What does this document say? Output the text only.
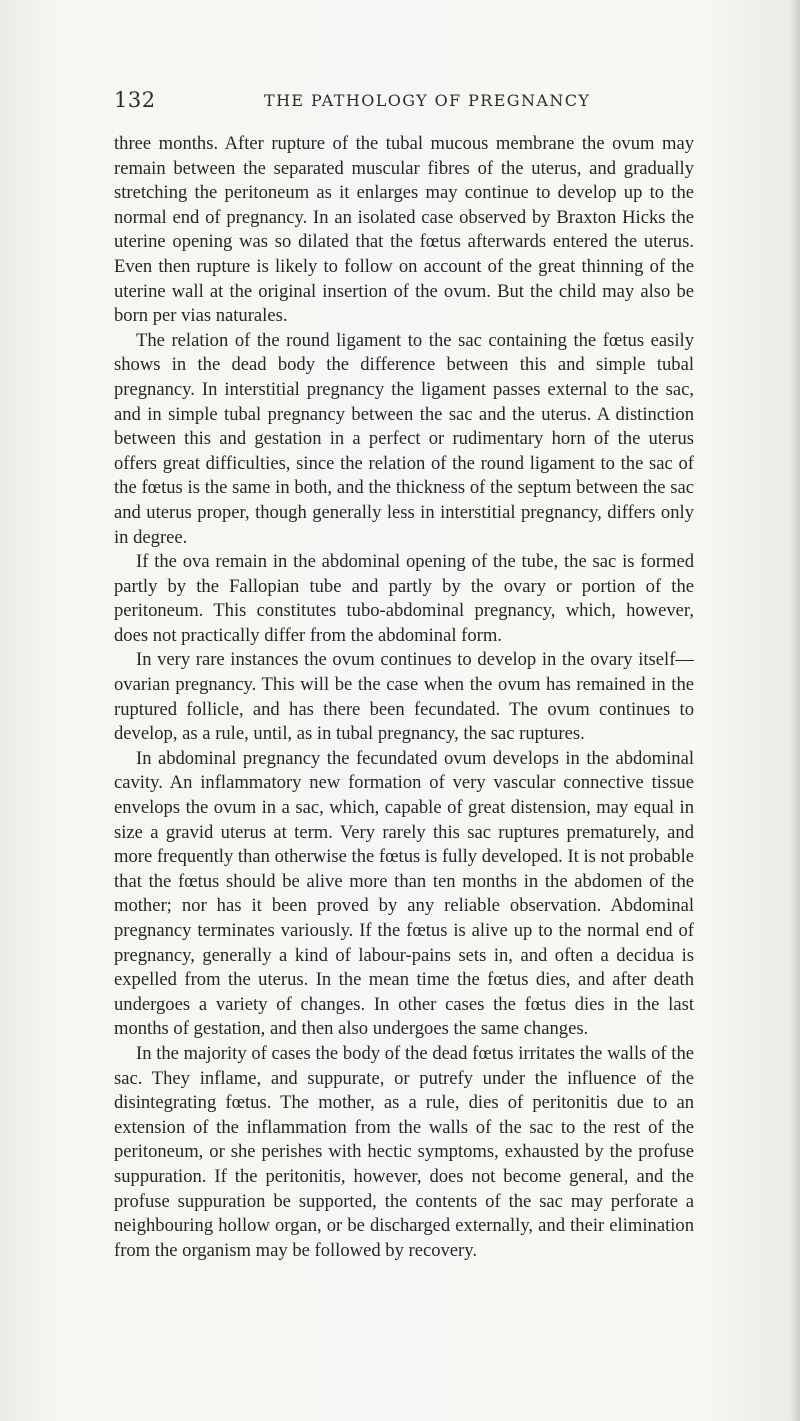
132	THE PATHOLOGY OF PREGNANCY

three months. After rupture of the tubal mucous membrane the ovum may remain between the separated muscular fibres of the uterus, and gradually stretching the peritoneum as it enlarges may continue to develop up to the normal end of pregnancy. In an isolated case observed by Braxton Hicks the uterine opening was so dilated that the fœtus afterwards entered the uterus. Even then rupture is likely to follow on account of the great thinning of the uterine wall at the original insertion of the ovum. But the child may also be born per vias naturales.

The relation of the round ligament to the sac containing the fœtus easily shows in the dead body the difference between this and simple tubal pregnancy. In interstitial pregnancy the ligament passes external to the sac, and in simple tubal pregnancy between the sac and the uterus. A distinction between this and gestation in a perfect or rudimentary horn of the uterus offers great difficulties, since the relation of the round ligament to the sac of the fœtus is the same in both, and the thickness of the septum between the sac and uterus proper, though generally less in interstitial pregnancy, differs only in degree.

If the ova remain in the abdominal opening of the tube, the sac is formed partly by the Fallopian tube and partly by the ovary or portion of the peritoneum. This constitutes tubo-abdominal pregnancy, which, however, does not practically differ from the abdominal form.

In very rare instances the ovum continues to develop in the ovary itself—ovarian pregnancy. This will be the case when the ovum has remained in the ruptured follicle, and has there been fecundated. The ovum continues to develop, as a rule, until, as in tubal pregnancy, the sac ruptures.

In abdominal pregnancy the fecundated ovum develops in the abdominal cavity. An inflammatory new formation of very vascular connective tissue envelops the ovum in a sac, which, capable of great distension, may equal in size a gravid uterus at term. Very rarely this sac ruptures prematurely, and more frequently than otherwise the fœtus is fully developed. It is not probable that the fœtus should be alive more than ten months in the abdomen of the mother; nor has it been proved by any reliable observation. Abdominal pregnancy terminates variously. If the fœtus is alive up to the normal end of pregnancy, generally a kind of labour-pains sets in, and often a decidua is expelled from the uterus. In the mean time the fœtus dies, and after death undergoes a variety of changes. In other cases the fœtus dies in the last months of gestation, and then also undergoes the same changes.

In the majority of cases the body of the dead fœtus irritates the walls of the sac. They inflame, and suppurate, or putrefy under the influence of the disintegrating fœtus. The mother, as a rule, dies of peritonitis due to an extension of the inflammation from the walls of the sac to the rest of the peritoneum, or she perishes with hectic symptoms, exhausted by the profuse suppuration. If the peritonitis, however, does not become general, and the profuse suppuration be supported, the contents of the sac may perforate a neighbouring hollow organ, or be discharged externally, and their elimination from the organism may be followed by recovery.
